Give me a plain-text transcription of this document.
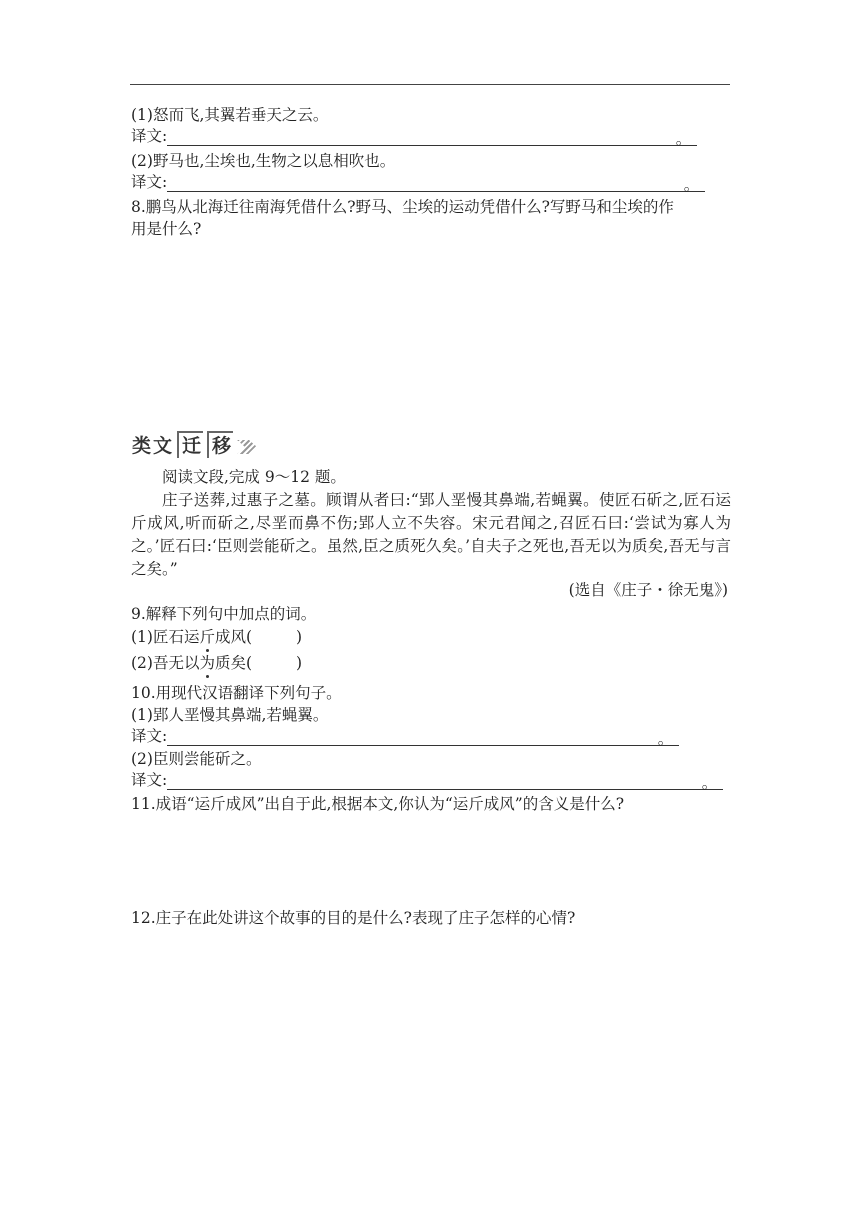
(1)怒而飞,其翼若垂天之云。
译文:	。
(2)野马也,尘埃也,生物之以息相吹也。
译文:	。
8.鹏鸟从北海迁往南海凭借什么?野马、尘埃的运动凭借什么?写野马和尘埃的作
用是什么?
类 文 迁 移
阅读文段,完成 9～12 题。
庄子送葬,过惠子之墓。顾谓从者曰:“郢人垩慢其鼻端,若蝇翼。使匠石斫之,匠石运斤成风,听而斫之,尽垩而鼻不伤;郢人立不失容。宋元君闻之,召匠石曰:‘尝试为寡人为之。’匠石曰:‘臣则尝能斫之。虽然,臣之质死久矣。’自夫子之死也,吾无以为质矣,吾无与言之矣。”
(选自《庄子・徐无鬼》)
9.解释下列句中加点的词。
(1)匠石运斤成风(	)
(2)吾无以为质矣(	)
10.用现代汉语翻译下列句子。
(1)郢人垩慢其鼻端,若蝇翼。
译文:	。
(2)臣则尝能斫之。
译文:	。
11.成语“运斤成风”出自于此,根据本文,你认为“运斤成风”的含义是什么?
12.庄子在此处讲这个故事的目的是什么?表现了庄子怎样的心情?
